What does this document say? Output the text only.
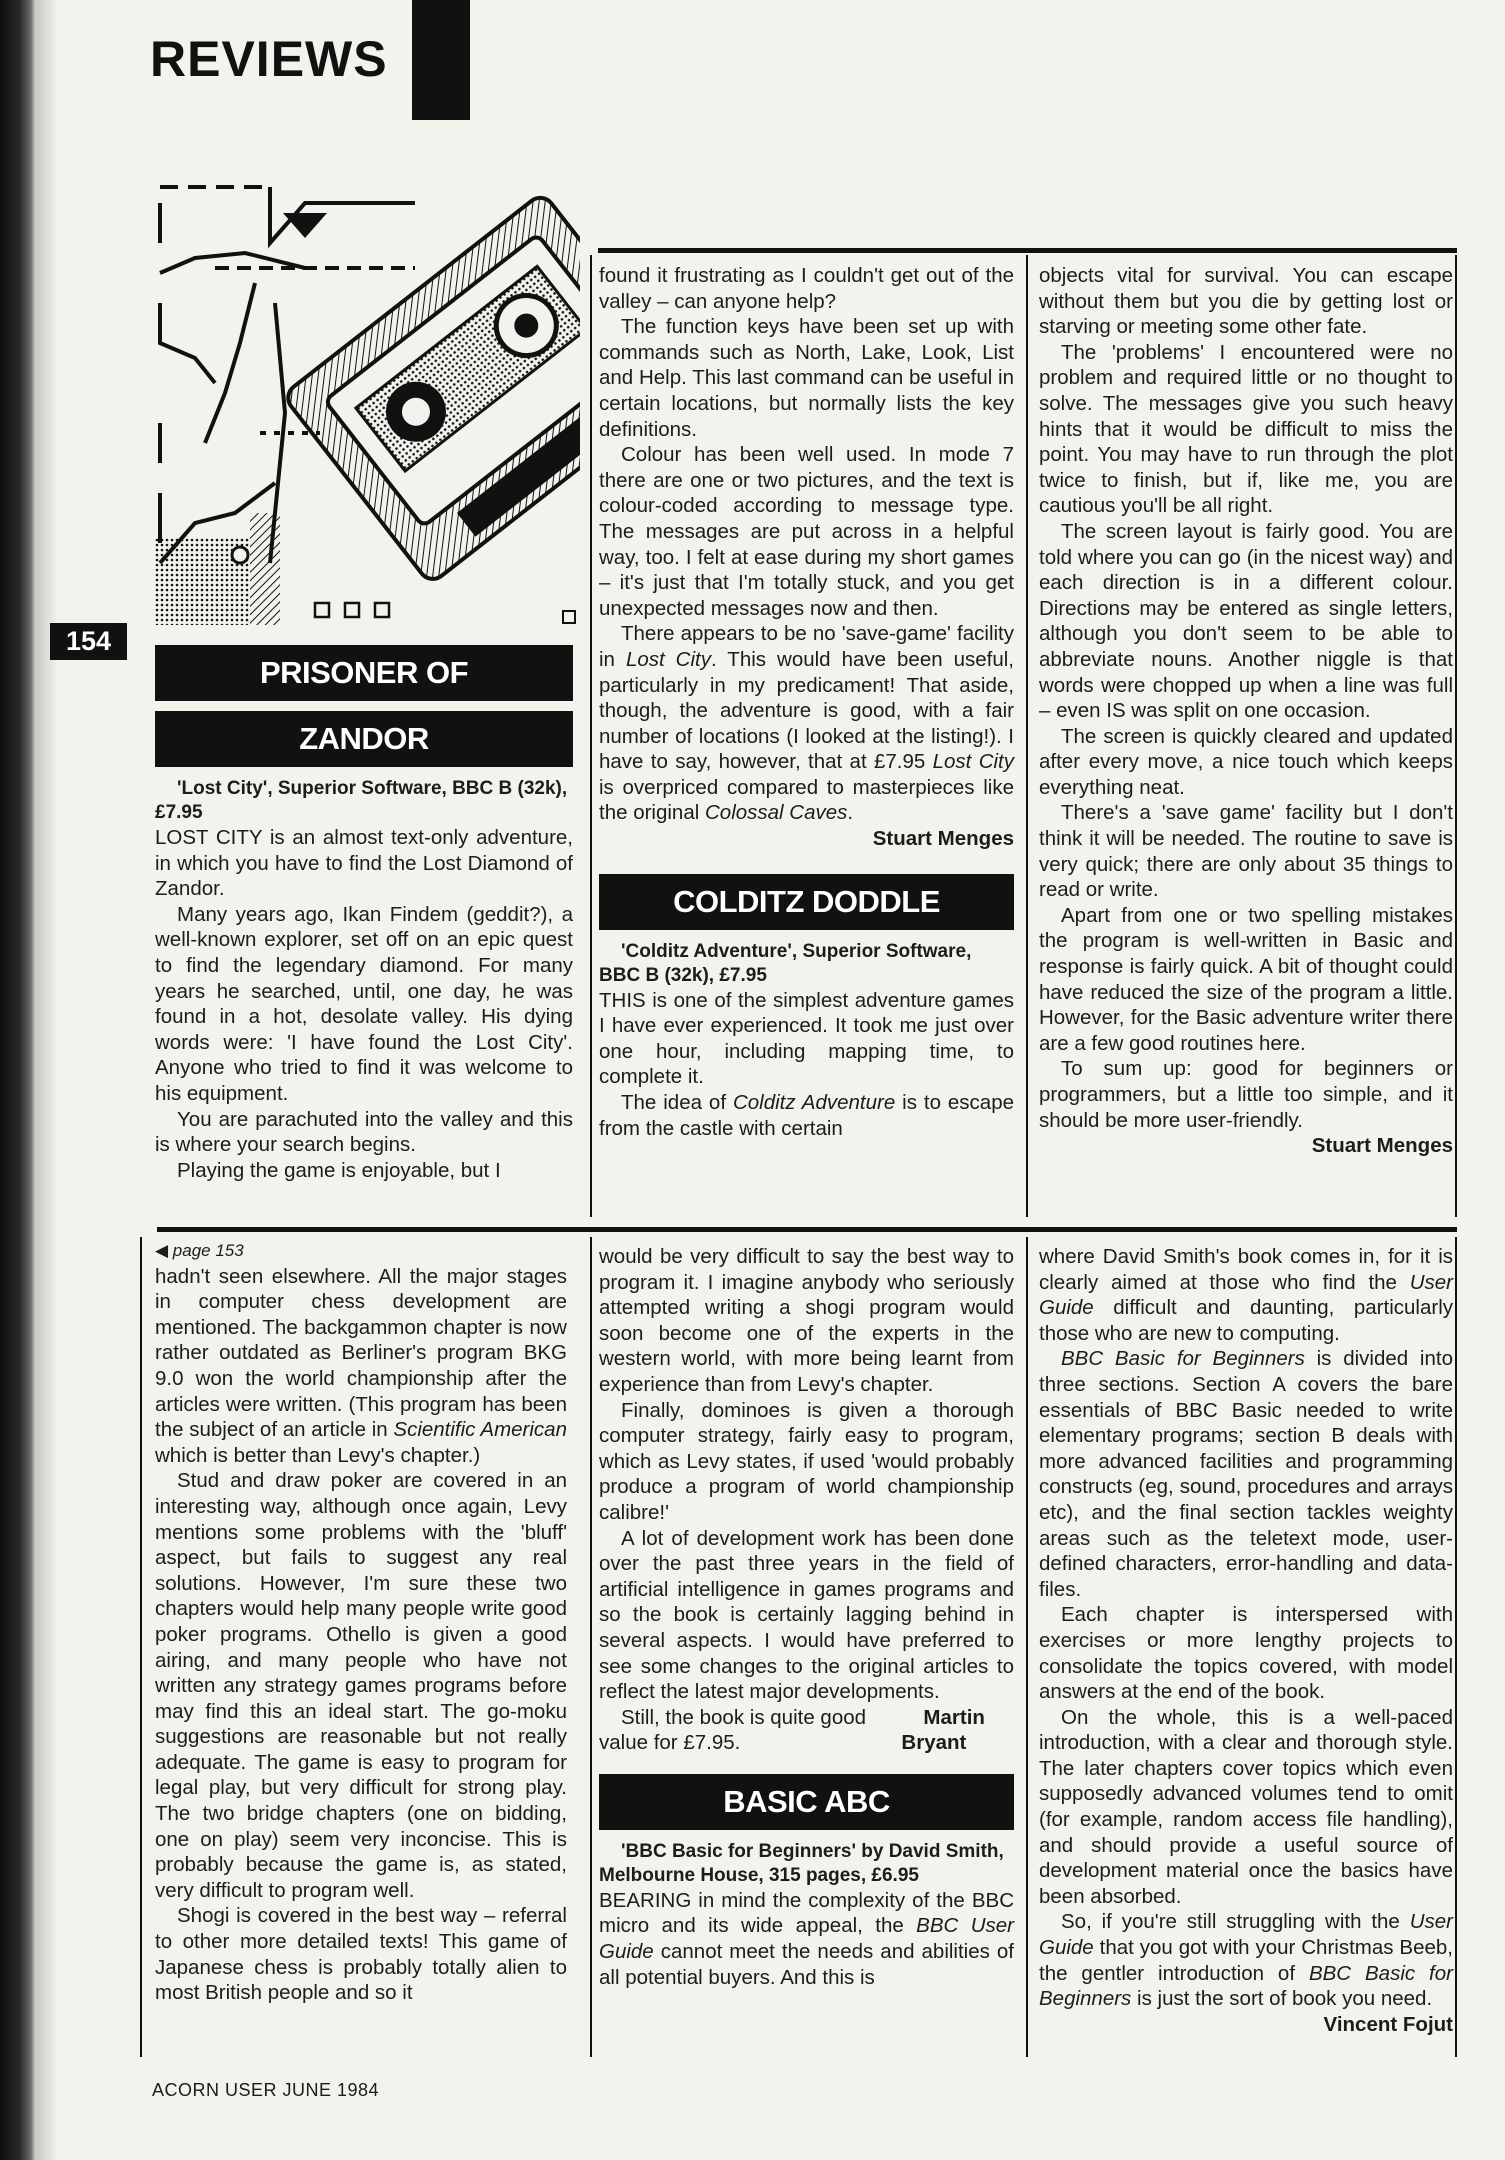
REVIEWS
154
PRISONER OF
ZANDOR

'Lost City', Superior Software, BBC B (32k), £7.95

LOST CITY is an almost text-only adventure, in which you have to find the Lost Diamond of Zandor.

Many years ago, Ikan Findem (geddit?), a well-known explorer, set off on an epic quest to find the legendary diamond. For many years he searched, until, one day, he was found in a hot, desolate valley. His dying words were: 'I have found the Lost City'. Anyone who tried to find it was welcome to his equipment.

You are parachuted into the valley and this is where your search begins.

Playing the game is enjoyable, but I

found it frustrating as I couldn't get out of the valley – can anyone help?

The function keys have been set up with commands such as North, Lake, Look, List and Help. This last command can be useful in certain locations, but normally lists the key definitions.

Colour has been well used. In mode 7 there are one or two pictures, and the text is colour-coded according to message type. The messages are put across in a helpful way, too. I felt at ease during my short games – it's just that I'm totally stuck, and you get unexpected messages now and then.

There appears to be no 'save-game' facility in Lost City. This would have been useful, particularly in my predicament! That aside, though, the adventure is good, with a fair number of locations (I looked at the listing!). I have to say, however, that at £7.95 Lost City is overpriced compared to masterpieces like the original Colossal Caves.

Stuart Menges

COLDITZ DODDLE

'Colditz Adventure', Superior Software, BBC B (32k), £7.95

THIS is one of the simplest adventure games I have ever experienced. It took me just over one hour, including mapping time, to complete it.

The idea of Colditz Adventure is to escape from the castle with certain

objects vital for survival. You can escape without them but you die by getting lost or starving or meeting some other fate.

The 'problems' I encountered were no problem and required little or no thought to solve. The messages give you such heavy hints that it would be difficult to miss the point. You may have to run through the plot twice to finish, but if, like me, you are cautious you'll be all right.

The screen layout is fairly good. You are told where you can go (in the nicest way) and each direction is in a different colour. Directions may be entered as single letters, although you don't seem to be able to abbreviate nouns. Another niggle is that words were chopped up when a line was full – even IS was split on one occasion.

The screen is quickly cleared and updated after every move, a nice touch which keeps everything neat.

There's a 'save game' facility but I don't think it will be needed. The routine to save is very quick; there are only about 35 things to read or write.

Apart from one or two spelling mistakes the program is well-written in Basic and response is fairly quick. A bit of thought could have reduced the size of the program a little. However, for the Basic adventure writer there are a few good routines here.

To sum up: good for beginners or programmers, but a little too simple, and it should be more user-friendly.

Stuart Menges

◀ page 153

hadn't seen elsewhere. All the major stages in computer chess development are mentioned. The backgammon chapter is now rather outdated as Berliner's program BKG 9.0 won the world championship after the articles were written. (This program has been the subject of an article in Scientific American which is better than Levy's chapter.)

Stud and draw poker are covered in an interesting way, although once again, Levy mentions some problems with the 'bluff' aspect, but fails to suggest any real solutions. However, I'm sure these two chapters would help many people write good poker programs. Othello is given a good airing, and many people who have not written any strategy games programs before may find this an ideal start. The go-moku suggestions are reasonable but not really adequate. The game is easy to program for legal play, but very difficult for strong play. The two bridge chapters (one on bidding, one on play) seem very inconcise. This is probably because the game is, as stated, very difficult to program well.

Shogi is covered in the best way – referral to other more detailed texts! This game of Japanese chess is probably totally alien to most British people and so it

would be very difficult to say the best way to program it. I imagine anybody who seriously attempted writing a shogi program would soon become one of the experts in the western world, with more being learnt from experience than from Levy's chapter.

Finally, dominoes is given a thorough computer strategy, fairly easy to program, which as Levy states, if used 'would probably produce a program of world championship calibre!'

A lot of development work has been done over the past three years in the field of artificial intelligence in games programs and so the book is certainly lagging behind in several aspects. I would have preferred to see some changes to the original articles to reflect the latest major developments.

Still, the book is quite good value for £7.95.
Martin Bryant

BASIC ABC

'BBC Basic for Beginners' by David Smith, Melbourne House, 315 pages, £6.95

BEARING in mind the complexity of the BBC micro and its wide appeal, the BBC User Guide cannot meet the needs and abilities of all potential buyers. And this is

where David Smith's book comes in, for it is clearly aimed at those who find the User Guide difficult and daunting, particularly those who are new to computing.

BBC Basic for Beginners is divided into three sections. Section A covers the bare essentials of BBC Basic needed to write elementary programs; section B deals with more advanced facilities and programming constructs (eg, sound, procedures and arrays etc), and the final section tackles weighty areas such as the teletext mode, user-defined characters, error-handling and data-files.

Each chapter is interspersed with exercises or more lengthy projects to consolidate the topics covered, with model answers at the end of the book.

On the whole, this is a well-paced introduction, with a clear and thorough style. The later chapters cover topics which even supposedly advanced volumes tend to omit (for example, random access file handling), and should provide a useful source of development material once the basics have been absorbed.

So, if you're still struggling with the User Guide that you got with your Christmas Beeb, the gentler introduction of BBC Basic for Beginners is just the sort of book you need.

Vincent Fojut

ACORN USER JUNE 1984
